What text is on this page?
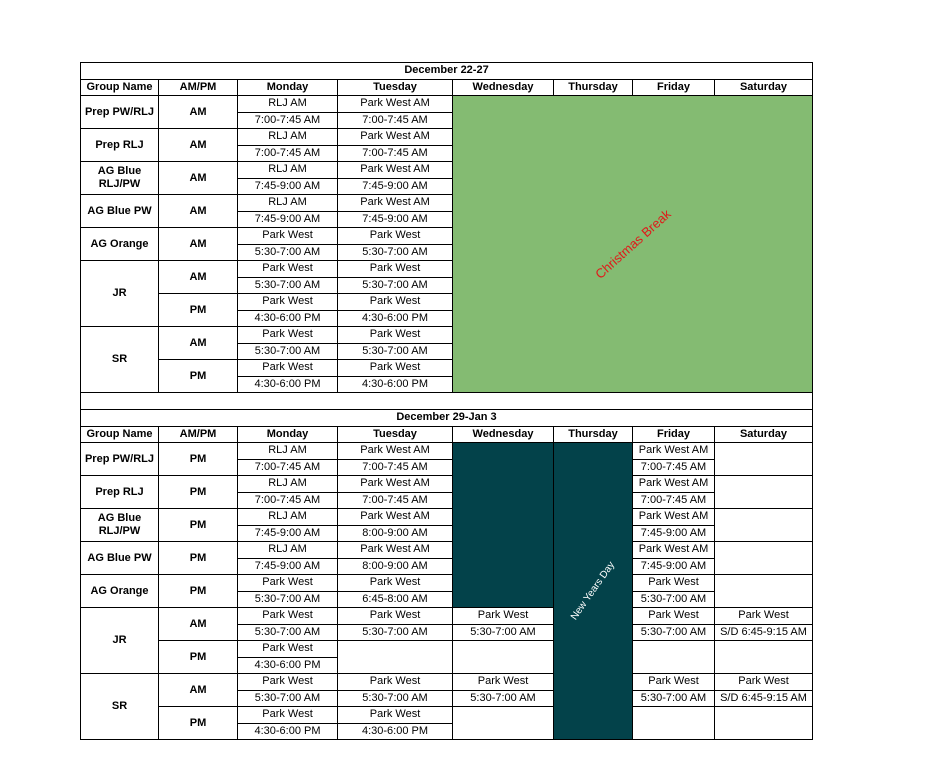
December 22-27							
Group Name	AM/PM	Monday	Tuesday	Wednesday	Thursday	Friday	Saturday
Prep PW/RLJ	AM	RLJ AM	Park West AM	Christmas Break			

		7:00-7:45 AM	7:00-7:45 AM				
Prep RLJ	AM	RLJ AM	Park West AM				
		7:00-7:45 AM	7:00-7:45 AM				
AG Blue RLJ/PW	AM	RLJ AM	Park West AM				
		7:45-9:00 AM	7:45-9:00 AM				
AG Blue PW	AM	RLJ AM	Park West AM				
		7:45-9:00 AM	7:45-9:00 AM				
AG Orange	AM	Park West	Park West				
		5:30-7:00 AM	5:30-7:00 AM				
JR	AM	Park West	Park West				
		5:30-7:00 AM	5:30-7:00 AM				
	PM	Park West	Park West				
		4:30-6:00 PM	4:30-6:00 PM				
SR	AM	Park West	Park West				
		5:30-7:00 AM	5:30-7:00 AM				
	PM	Park West	Park West				
		4:30-6:00 PM	4:30-6:00 PM				

December 29-Jan 3							
Group Name	AM/PM	Monday	Tuesday	Wednesday	Thursday	Friday	Saturday
Prep PW/RLJ	PM	RLJ AM	Park West AM		New Years Day	Park West AM	
		7:00-7:45 AM	7:00-7:45 AM			7:00-7:45 AM	
Prep RLJ	PM	RLJ AM	Park West AM			Park West AM	
		7:00-7:45 AM	7:00-7:45 AM			7:00-7:45 AM	
AG Blue RLJ/PW	PM	RLJ AM	Park West AM			Park West AM	
		7:45-9:00 AM	8:00-9:00 AM			7:45-9:00 AM	
AG Blue PW	PM	RLJ AM	Park West AM			Park West AM	
		7:45-9:00 AM	8:00-9:00 AM			7:45-9:00 AM	
AG Orange	PM	Park West	Park West			Park West	
		5:30-7:00 AM	6:45-8:00 AM			5:30-7:00 AM	
JR	AM	Park West	Park West	Park West		Park West	Park West
		5:30-7:00 AM	5:30-7:00 AM	5:30-7:00 AM		5:30-7:00 AM	S/D 6:45-9:15 AM
	PM	Park West					
		4:30-6:00 PM					
SR	AM	Park West	Park West	Park West		Park West	Park West
		5:30-7:00 AM	5:30-7:00 AM	5:30-7:00 AM		5:30-7:00 AM	S/D 6:45-9:15 AM
	PM	Park West	Park West				
		4:30-6:00 PM	4:30-6:00 PM				
